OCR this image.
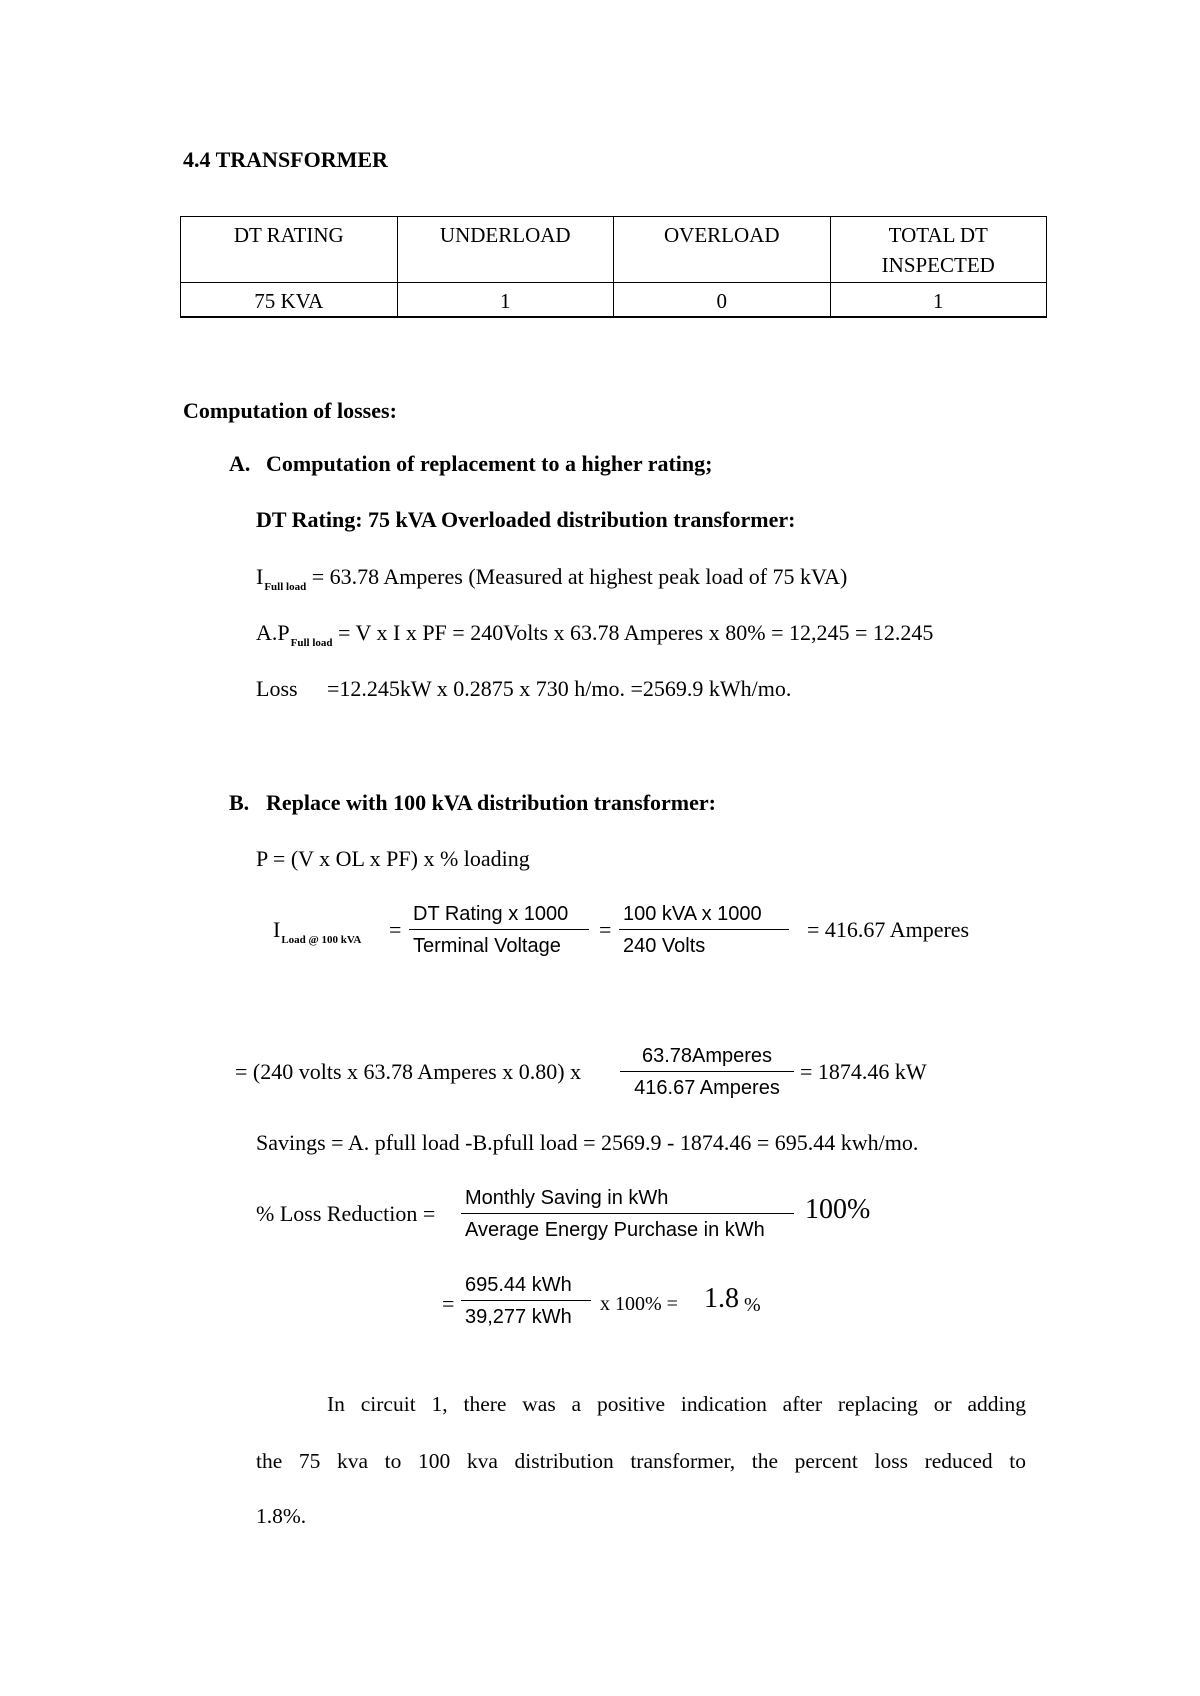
4.4 TRANSFORMER
DT RATING	UNDERLOAD	OVERLOAD	TOTAL DT INSPECTED
75 KVA	1	0	1
Computation of losses:
A. Computation of replacement to a higher rating;
DT Rating: 75 kVA Overloaded distribution transformer:
$I_{Full load} = 63.78$ Amperes (Measured at highest peak load of 75 kVA)
$A.P_{Full load} = V$ x I x PF = 240Volts x 63.78 Amperes x 80% = 12,245 = 12.245
Loss =12.245kW x 0.2875 x 730 h/mo. =2569.9 kWh/mo.
B. Replace with 100 kVA distribution transformer:
P = (V x OL x PF) x % loading
$I_{Load @ 100 kVA}$ =
DT Rating x 1000
Terminal Voltage
=
100 kVA x 1000
240 Volts
= 416.67 Amperes
= (240 volts x 63.78 Amperes x 0.80) x
63.78Amperes
416.67 Amperes
= 1874.46 kW
Savings = A. pfull load -B.pfull load = 2569.9 - 1874.46 = 695.44 kwh/mo.
% Loss Reduction =
Monthly Saving in kWh
Average Energy Purchase in kWh
100%
=
695.44 kWh
39,277 kWh
x 100% = 1.8 %
In circuit 1, there was a positive indication after replacing or adding
the 75 kva to 100 kva distribution transformer, the percent loss reduced to
1.8%.
